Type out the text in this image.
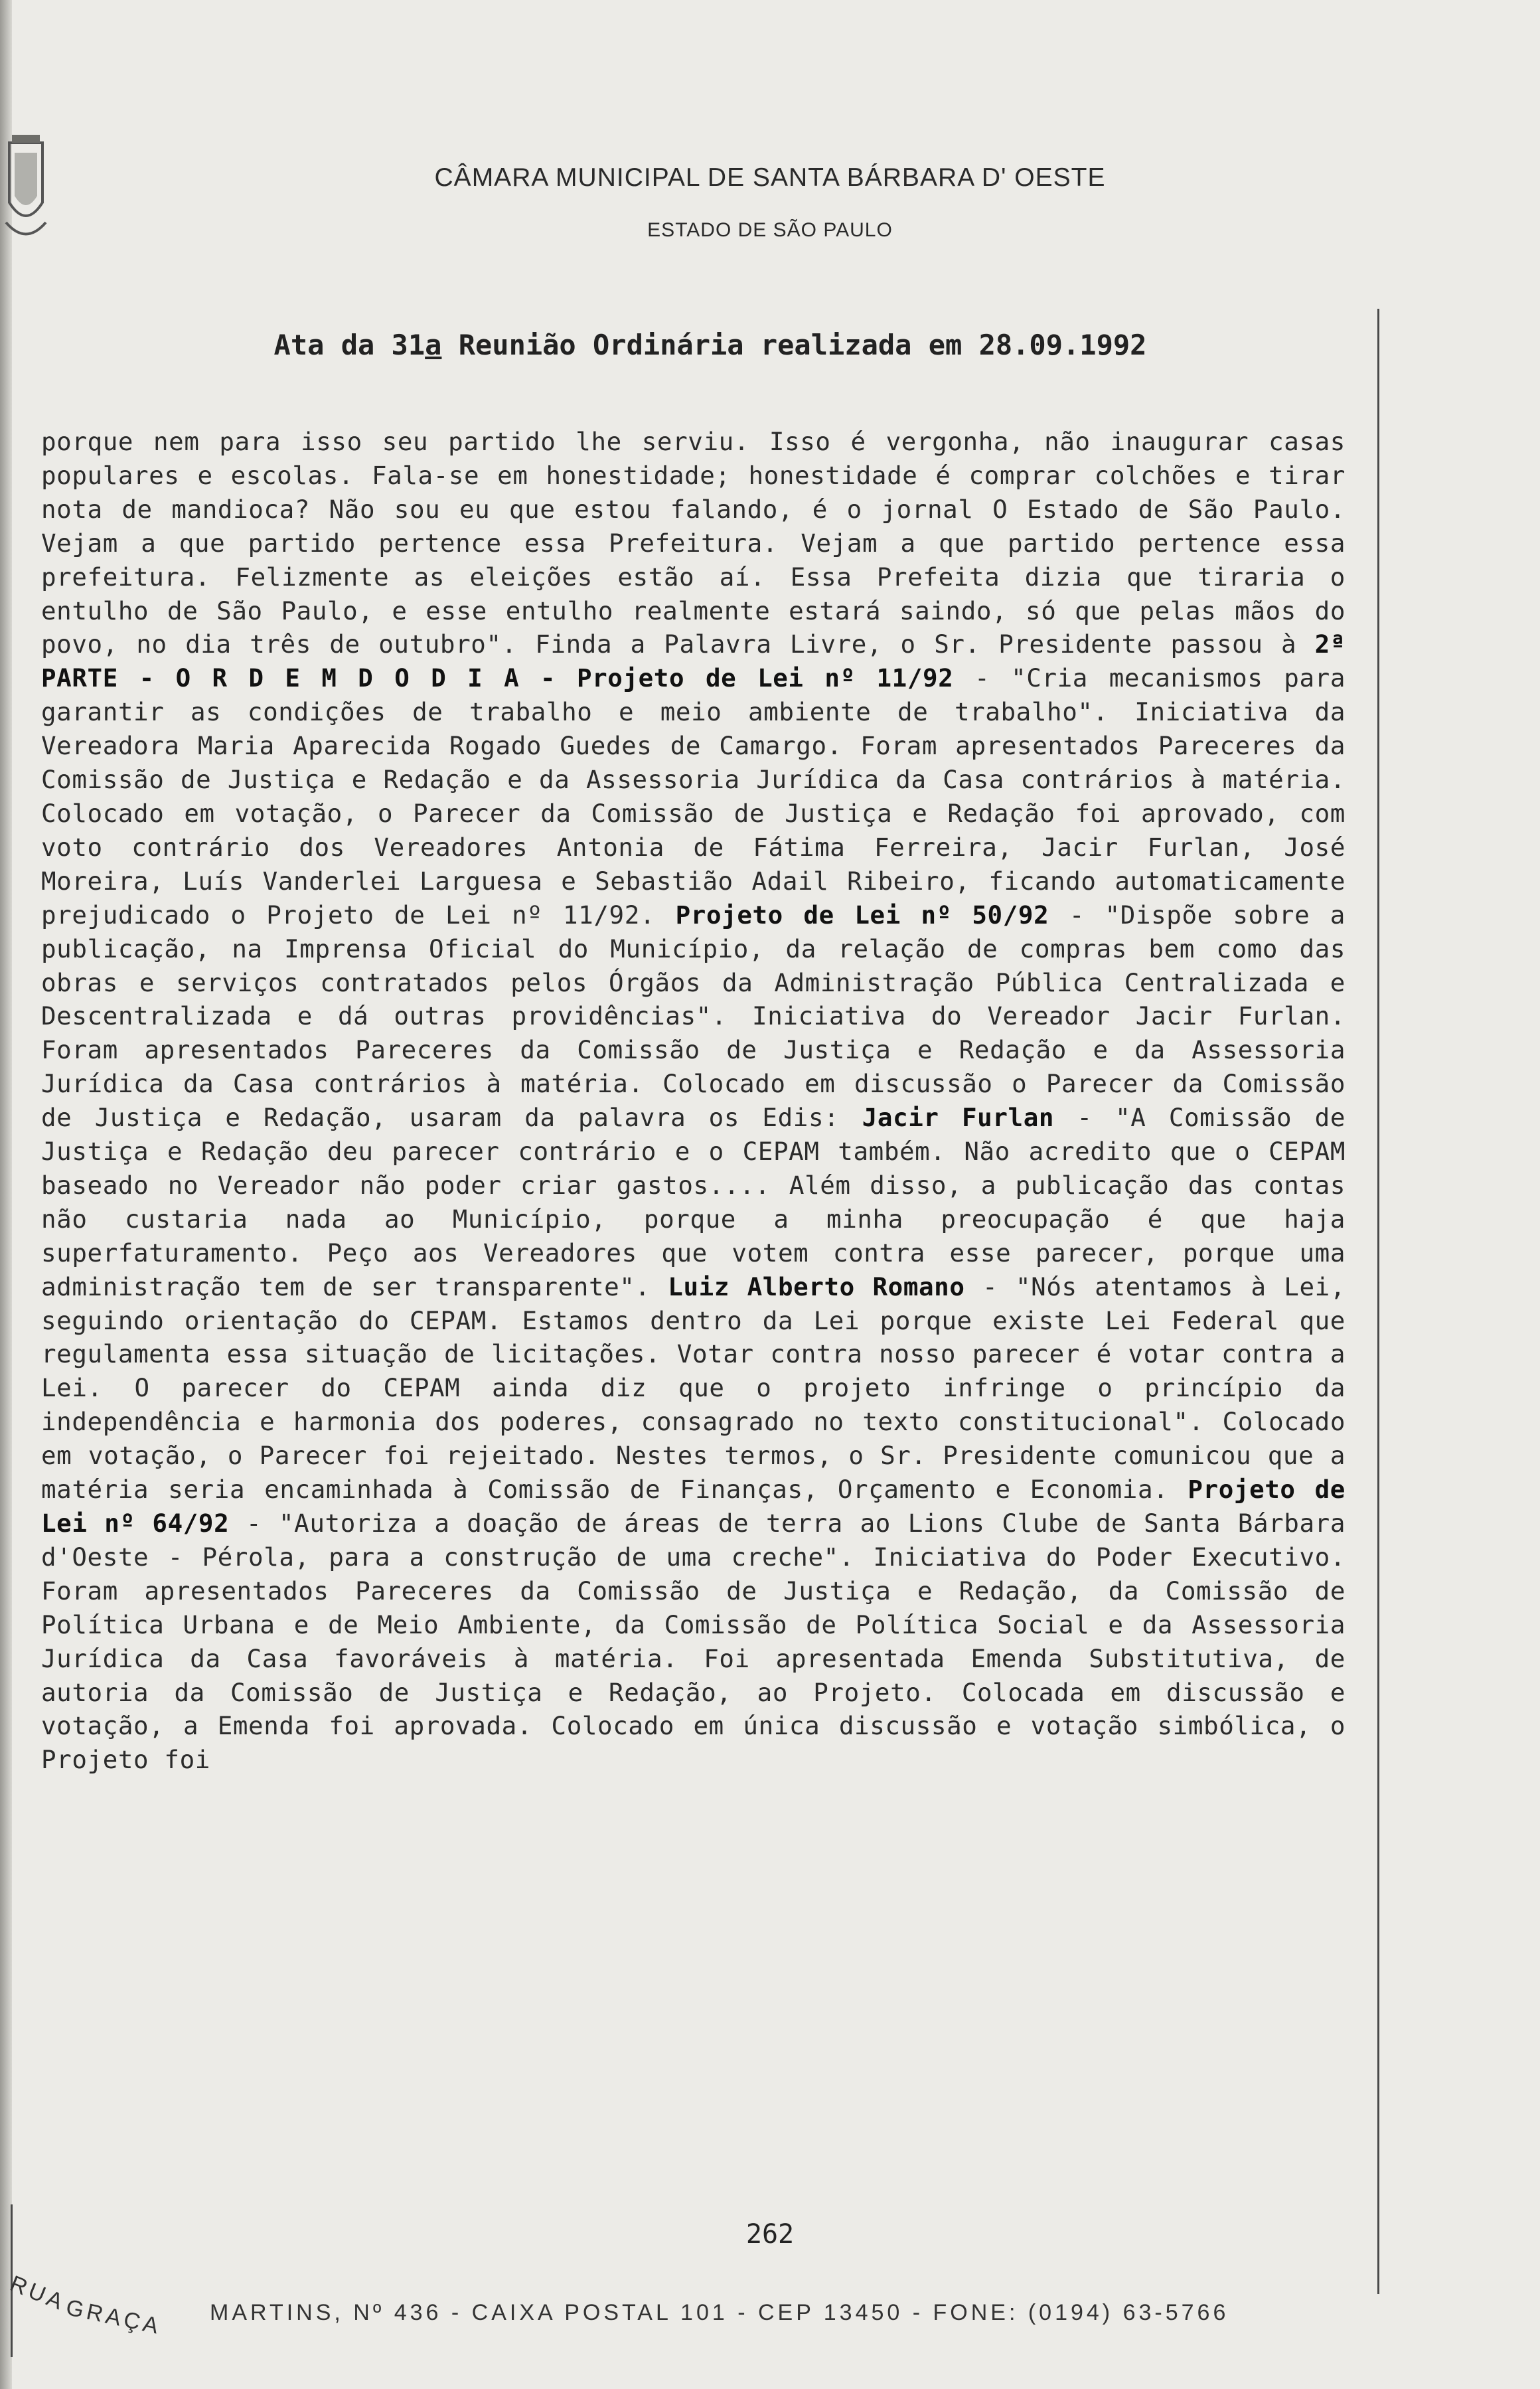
CÂMARA MUNICIPAL DE SANTA BÁRBARA D' OESTE
ESTADO DE SÃO PAULO
Ata da 31a Reunião Ordinária realizada em 28.09.1992
porque nem para isso seu partido lhe serviu. Isso é vergonha, não inaugurar casas populares e escolas. Fala-se em honestidade; honestidade é comprar colchões e tirar nota de mandioca? Não sou eu que estou falando, é o jornal O Estado de São Paulo. Vejam a que partido pertence essa Prefeitura. Vejam a que partido pertence essa prefeitura. Felizmente as eleições estão aí. Essa Prefeita dizia que tiraria o entulho de São Paulo, e esse entulho realmente estará saindo, só que pelas mãos do povo, no dia três de outubro". Finda a Palavra Livre, o Sr. Presidente passou à 2ª PARTE - O R D E M D O D I A - Projeto de Lei nº 11/92 - "Cria mecanismos para garantir as condições de trabalho e meio ambiente de trabalho". Iniciativa da Vereadora Maria Aparecida Rogado Guedes de Camargo. Foram apresentados Pareceres da Comissão de Justiça e Redação e da Assessoria Jurídica da Casa contrários à matéria. Colocado em votação, o Parecer da Comissão de Justiça e Redação foi aprovado, com voto contrário dos Vereadores Antonia de Fátima Ferreira, Jacir Furlan, José Moreira, Luís Vanderlei Larguesa e Sebastião Adail Ribeiro, ficando automaticamente prejudicado o Projeto de Lei nº 11/92. Projeto de Lei nº 50/92 - "Dispõe sobre a publicação, na Imprensa Oficial do Município, da relação de compras bem como das obras e serviços contratados pelos Órgãos da Administração Pública Centralizada e Descentralizada e dá outras providências". Iniciativa do Vereador Jacir Furlan. Foram apresentados Pareceres da Comissão de Justiça e Redação e da Assessoria Jurídica da Casa contrários à matéria. Colocado em discussão o Parecer da Comissão de Justiça e Redação, usaram da palavra os Edis: Jacir Furlan - "A Comissão de Justiça e Redação deu parecer contrário e o CEPAM também. Não acredito que o CEPAM baseado no Vereador não poder criar gastos.... Além disso, a publicação das contas não custaria nada ao Município, porque a minha preocupação é que haja superfaturamento. Peço aos Vereadores que votem contra esse parecer, porque uma administração tem de ser transparente". Luiz Alberto Romano - "Nós atentamos à Lei, seguindo orientação do CEPAM. Estamos dentro da Lei porque existe Lei Federal que regulamenta essa situação de licitações. Votar contra nosso parecer é votar contra a Lei. O parecer do CEPAM ainda diz que o projeto infringe o princípio da independência e harmonia dos poderes, consagrado no texto constitucional". Colocado em votação, o Parecer foi rejeitado. Nestes termos, o Sr. Presidente comunicou que a matéria seria encaminhada à Comissão de Finanças, Orçamento e Economia. Projeto de Lei nº 64/92 - "Autoriza a doação de áreas de terra ao Lions Clube de Santa Bárbara d'Oeste - Pérola, para a construção de uma creche". Iniciativa do Poder Executivo. Foram apresentados Pareceres da Comissão de Justiça e Redação, da Comissão de Política Urbana e de Meio Ambiente, da Comissão de Política Social e da Assessoria Jurídica da Casa favoráveis à matéria. Foi apresentada Emenda Substitutiva, de autoria da Comissão de Justiça e Redação, ao Projeto. Colocada em discussão e votação, a Emenda foi aprovada. Colocado em única discussão e votação simbólica, o Projeto foi
262
RUA
GRAÇA MARTINS, Nº 436 - CAIXA POSTAL 101 - CEP 13450 - FONE: (0194) 63-5766
